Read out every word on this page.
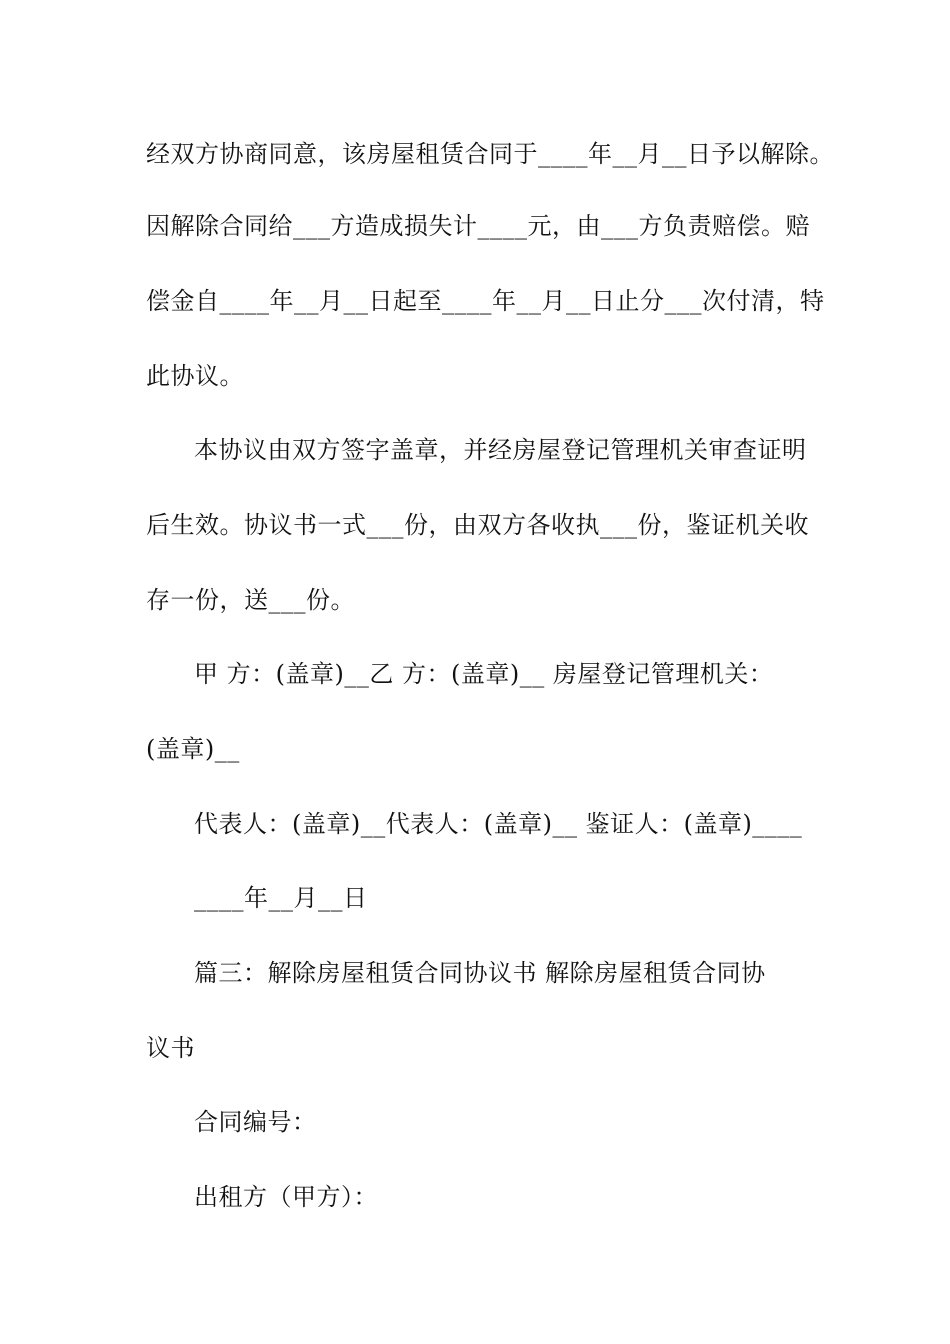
经双方协商同意，该房屋租赁合同于____年__月__日予以解除。
因解除合同给___方造成损失计____元，由___方负责赔偿。赔
偿金自____年__月__日起至____年__月__日止分___次付清，特
此协议。
本协议由双方签字盖章，并经房屋登记管理机关审查证明
后生效。协议书一式___份，由双方各收执___份，鉴证机关收
存一份，送___份。
甲 方：(盖章)__乙 方：(盖章)__ 房屋登记管理机关：
(盖章)__
代表人：(盖章)__代表人：(盖章)__ 鉴证人：(盖章)____
____年__月__日
篇三：解除房屋租赁合同协议书 解除房屋租赁合同协
议书
合同编号：
出租方（甲方）：
